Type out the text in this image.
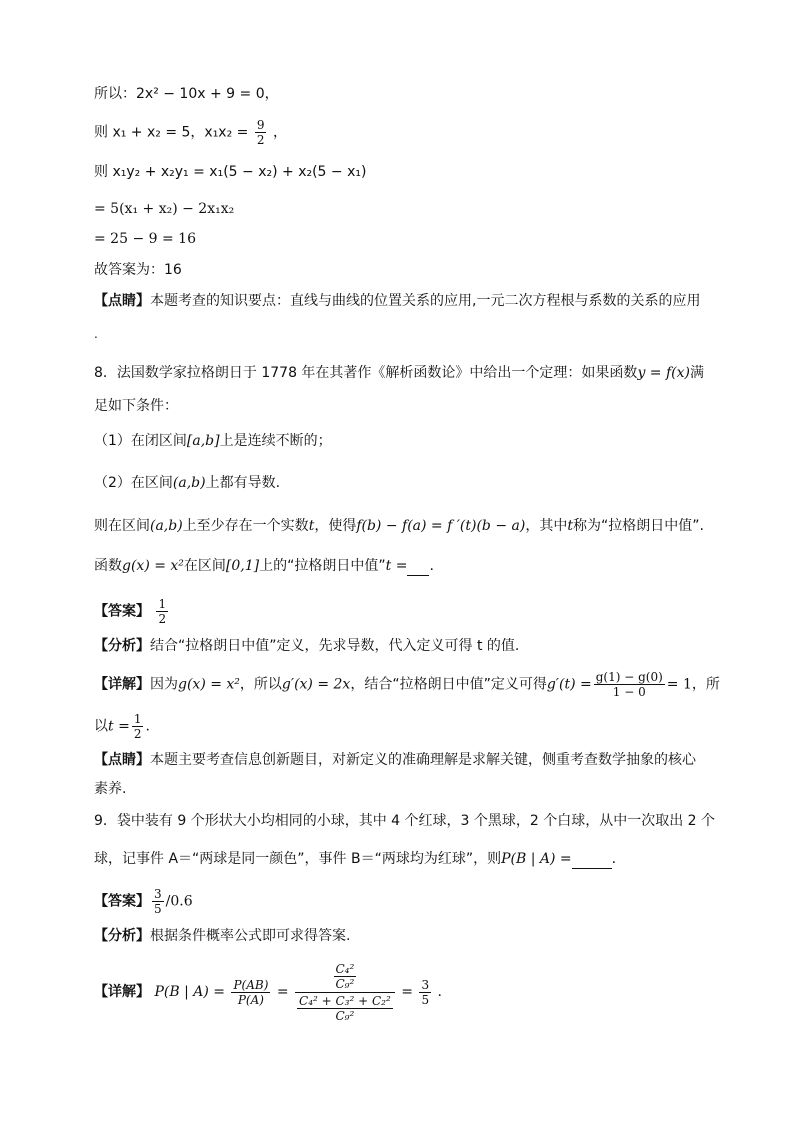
所以：2x² − 10x + 9 = 0，
则 x₁ + x₂ = 5，$x_1x_2 = \frac{9}{2}$ ，
则 x₁y₂ + x₂y₁ = x₁(5 − x₂) + x₂(5 − x₁)
= 5(x₁ + x₂) − 2x₁x₂
= 25 − 9 = 16
故答案为：16
【点睛】本题考查的知识要点：直线与曲线的位置关系的应用,一元二次方程根与系数的关系的应用
.
8．法国数学家拉格朗日于 1778 年在其著作《解析函数论》中给出一个定理：如果函数y = f(x)满
足如下条件：
（1）在闭区间[a,b]上是连续不断的；
（2）在区间(a,b)上都有导数.
则在区间(a,b)上至少存在一个实数t，使得f(b) − f(a) = f ′(t)(b − a)，其中t称为“拉格朗日中值”.
函数g(x) = x²在区间[0,1]上的“拉格朗日中值”t = .
【答案】 $\frac{1}{2}$
【分析】结合“拉格朗日中值”定义，先求导数，代入定义可得 t 的值.
【详解】因为g(x) = x²，所以g′(x) = 2x，结合“拉格朗日中值”定义可得$g'(t) = \frac{g(1) - g(0)}{1 - 0} = 1$，所
以$t = \frac{1}{2}$ .
【点睛】本题主要考查信息创新题目，对新定义的准确理解是求解关键，侧重考查数学抽象的核心
素养.
9．袋中装有 9 个形状大小均相同的小球，其中 4 个红球，3 个黑球，2 个白球，从中一次取出 2 个
球，记事件 A＝“两球是同一颜色”，事件 B＝“两球均为红球”，则P(B | A) =	.
【答案】 $\frac{3}{5} /0.6$
【分析】根据条件概率公式即可求得答案.
【详解】 P(B | $A) = \frac{P(AB)}{P(A)} = \frac{\frac{\text{C₄²}}{\text{C₉²}}}{\frac{\text{C₄² + C₃² + C₂²}}{\text{C₉²}}} = \frac{3}{5}$ .
